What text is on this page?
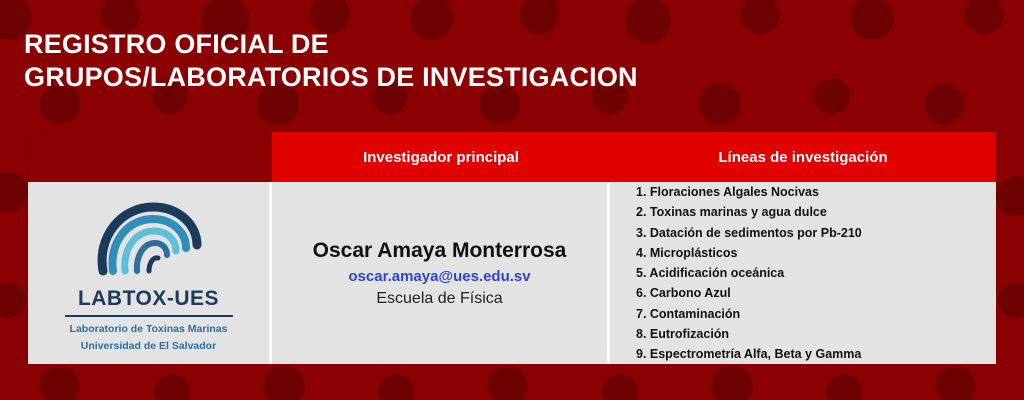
REGISTRO OFICIAL DE
GRUPOS/LABORATORIOS DE INVESTIGACION
Investigador principal	Líneas de investigación
LABTOX-UES
Laboratorio de Toxinas Marinas
Universidad de El Salvador
Oscar Amaya Monterrosa
oscar.amaya@ues.edu.sv
Escuela de Física
1. Floraciones Algales Nocivas
2. Toxinas marinas y agua dulce
3. Datación de sedimentos por Pb-210
4. Microplásticos
5. Acidificación oceánica
6. Carbono Azul
7. Contaminación
8. Eutrofización
9. Espectrometría Alfa, Beta y Gamma
